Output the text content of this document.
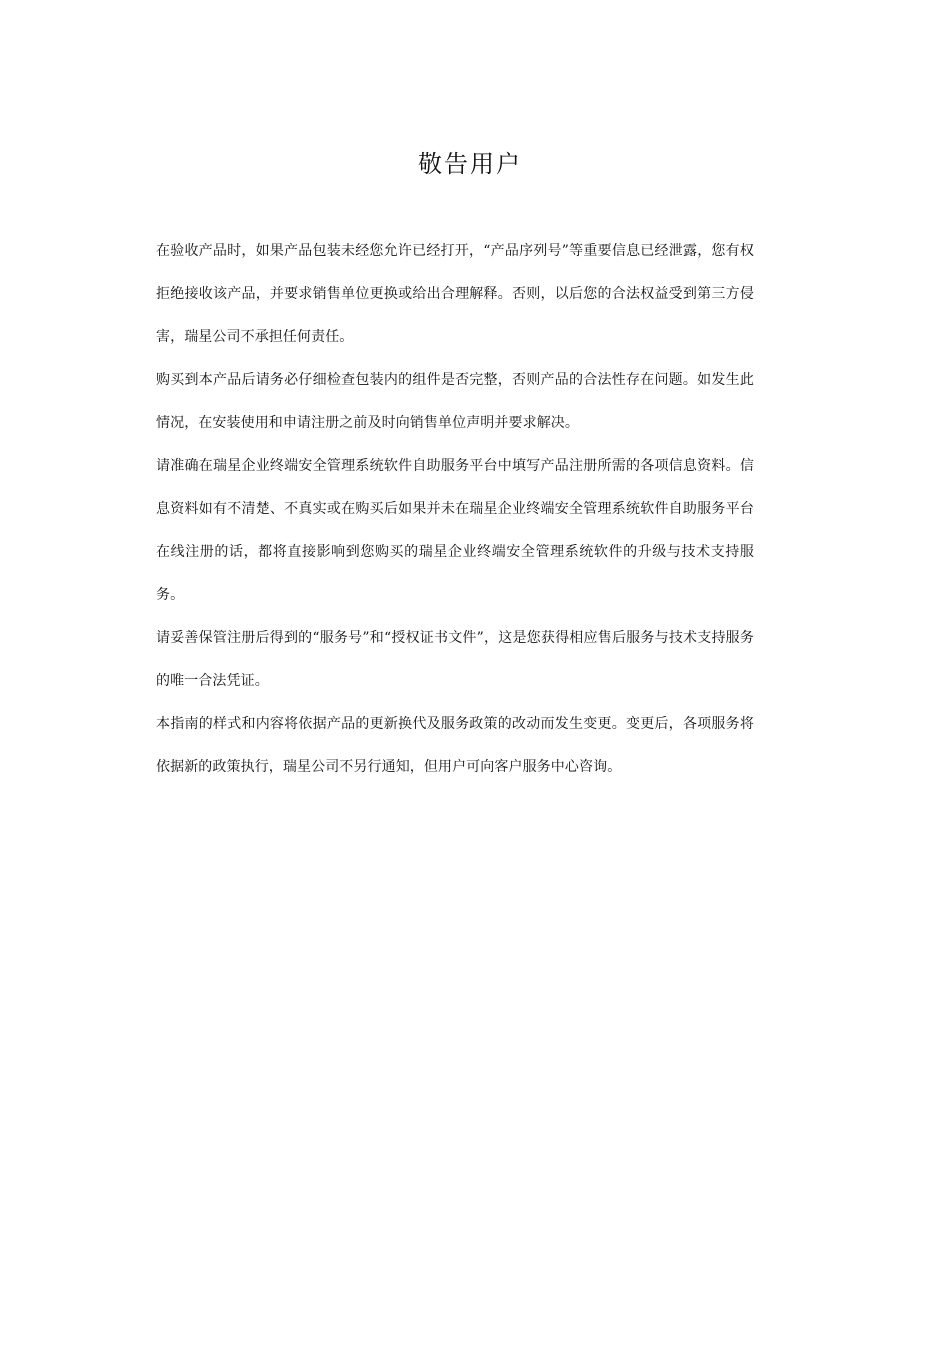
敬告用户

在验收产品时，如果产品包装未经您允许已经打开，“产品序列号”等重要信息已经泄露，您有权拒绝接收该产品，并要求销售单位更换或给出合理解释。否则，以后您的合法权益受到第三方侵害，瑞星公司不承担任何责任。

购买到本产品后请务必仔细检查包装内的组件是否完整，否则产品的合法性存在问题。如发生此情况，在安装使用和申请注册之前及时向销售单位声明并要求解决。

请准确在瑞星企业终端安全管理系统软件自助服务平台中填写产品注册所需的各项信息资料。信息资料如有不清楚、不真实或在购买后如果并未在瑞星企业终端安全管理系统软件自助服务平台在线注册的话，都将直接影响到您购买的瑞星企业终端安全管理系统软件的升级与技术支持服务。

请妥善保管注册后得到的“服务号”和“授权证书文件”，这是您获得相应售后服务与技术支持服务的唯一合法凭证。

本指南的样式和内容将依据产品的更新换代及服务政策的改动而发生变更。变更后，各项服务将依据新的政策执行，瑞星公司不另行通知，但用户可向客户服务中心咨询。
